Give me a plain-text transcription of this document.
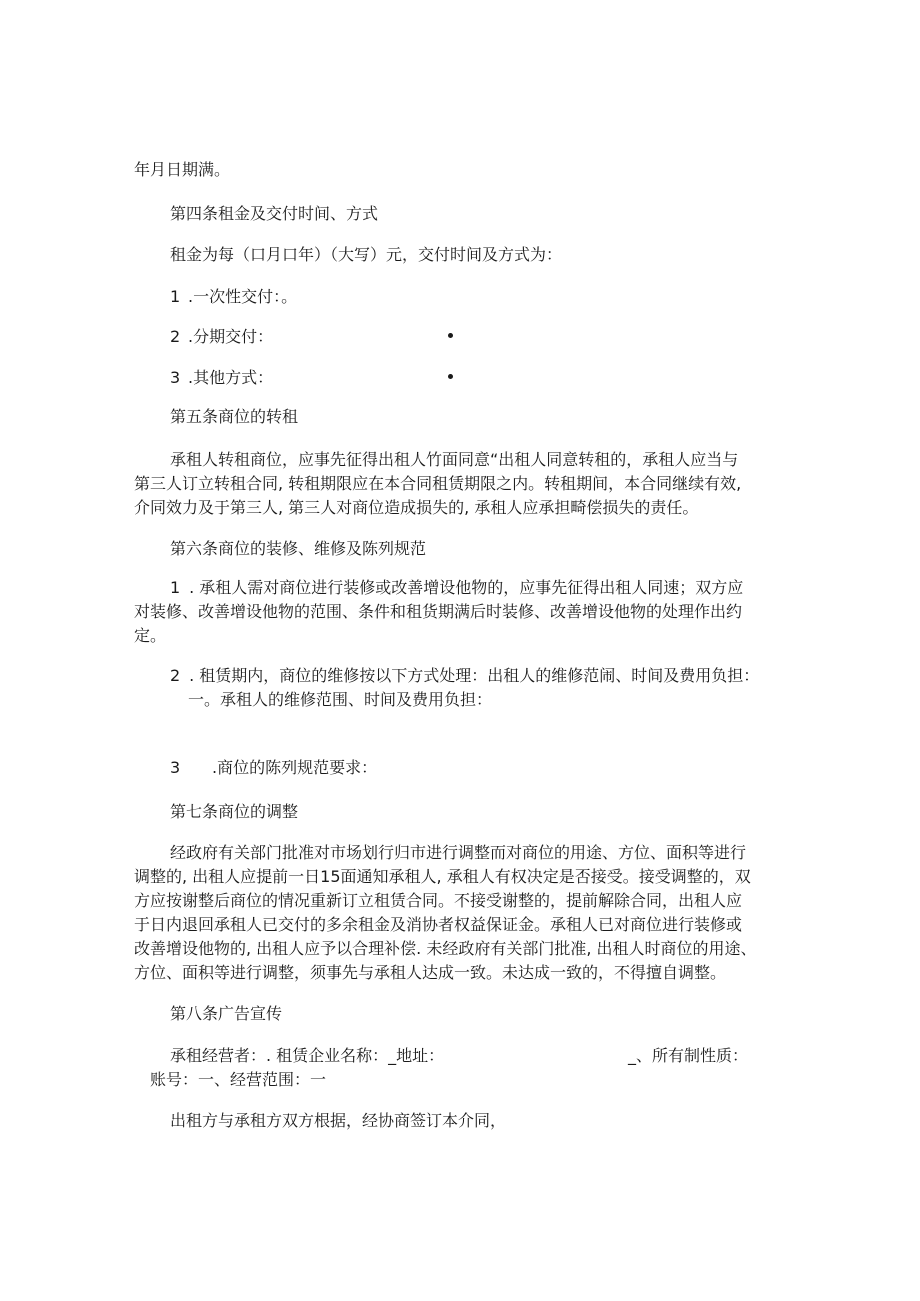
年月日期满。

第四条租金及交付时间、方式

租金为每（口月口年）（大写）元，交付时间及方式为：

1 .一次性交付：。

2 .分期交付：

3 .其他方式：

第五条商位的转租

承租人转租商位，应事先征得出租人竹面同意“出租人同意转租的，承租人应当与
第三人订立转租合同, 转租期限应在本合同租赁期限之内。转租期间，本合同继续有效,
介同效力及于第三人, 第三人对商位造成损失的, 承租人应承担畸偿损失的责任。

第六条商位的装修、维修及陈列规范

1 . 承租人需对商位进行装修或改善增设他物的，应事先征得出租人同速；双方应
对装修、改善增设他物的范围、条件和租货期满后时装修、改善增设他物的处理作出约
定。
2 . 租赁期内，商位的维修按以下方式处理：出租人的维修范闹、时间及费用负担：
一。承租人的维修范围、时间及费用负担：

3 .商位的陈列规范要求：

第七条商位的调整

经政府有关部门批准对市场划行归市进行调整而对商位的用途、方位、面积等进行
调整的, 出租人应提前一日15面通知承租人, 承租人有权决定是否接受。接受调整的，双
方应按谢整后商位的情况重新订立租赁合同。不接受谢整的，提前解除合同，出租人应
于日内退回承租人已交付的多余租金及消协者权益保证金。承租人已对商位进行装修或
改善增设他物的, 出租人应予以合理补偿. 未经政府有关部门批准, 出租人时商位的用途、
方位、面积等进行调整，须事先与承租人达成一致。未达成一致的，不得擅自调整。

第八条广告宣传

承租经营者：. 租赁企业名称：_地址：	_、所有制性质：

账号：一、经营范围：一

出租方与承租方双方根据，经协商签订本介同，
